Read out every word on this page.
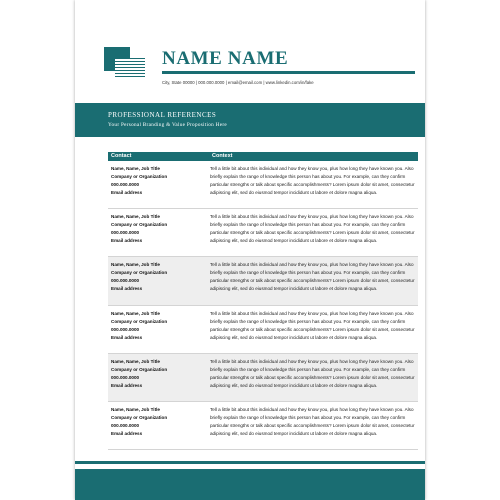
NAME NAME
City, State 00000 | 000.000.0000 | email@email.com | www.linkedin.com/in/fake
PROFESSIONAL REFERENCES
Your Personal Branding & Value Proposition Here
Contact	Context
Name, Name, Job Title
Company or Organization
000.000.0000
Email address
Tell a little bit about this individual and how they know you, plus how long they have known you. Also briefly explain the range of knowledge this person has about you. For example, can they confirm particular strengths or talk about specific accomplishments? Lorem ipsum dolor sit amet, consectetur adipiscing elit, sed do eiusmod tempor incididunt ut labore et dolore magna aliqua.
Name, Name, Job Title
Company or Organization
000.000.0000
Email address
Tell a little bit about this individual and how they know you, plus how long they have known you. Also briefly explain the range of knowledge this person has about you. For example, can they confirm particular strengths or talk about specific accomplishments? Lorem ipsum dolor sit amet, consectetur adipiscing elit, sed do eiusmod tempor incididunt ut labore et dolore magna aliqua.
Name, Name, Job Title
Company or Organization
000.000.0000
Email address
Tell a little bit about this individual and how they know you, plus how long they have known you. Also briefly explain the range of knowledge this person has about you. For example, can they confirm particular strengths or talk about specific accomplishments? Lorem ipsum dolor sit amet, consectetur adipiscing elit, sed do eiusmod tempor incididunt ut labore et dolore magna aliqua.
Name, Name, Job Title
Company or Organization
000.000.0000
Email address
Tell a little bit about this individual and how they know you, plus how long they have known you. Also briefly explain the range of knowledge this person has about you. For example, can they confirm particular strengths or talk about specific accomplishments? Lorem ipsum dolor sit amet, consectetur adipiscing elit, sed do eiusmod tempor incididunt ut labore et dolore magna aliqua.
Name, Name, Job Title
Company or Organization
000.000.0000
Email address
Tell a little bit about this individual and how they know you, plus how long they have known you. Also briefly explain the range of knowledge this person has about you. For example, can they confirm particular strengths or talk about specific accomplishments? Lorem ipsum dolor sit amet, consectetur adipiscing elit, sed do eiusmod tempor incididunt ut labore et dolore magna aliqua.
Name, Name, Job Title
Company or Organization
000.000.0000
Email address
Tell a little bit about this individual and how they know you, plus how long they have known you. Also briefly explain the range of knowledge this person has about you. For example, can they confirm particular strengths or talk about specific accomplishments? Lorem ipsum dolor sit amet, consectetur adipiscing elit, sed do eiusmod tempor incididunt ut labore et dolore magna aliqua.
